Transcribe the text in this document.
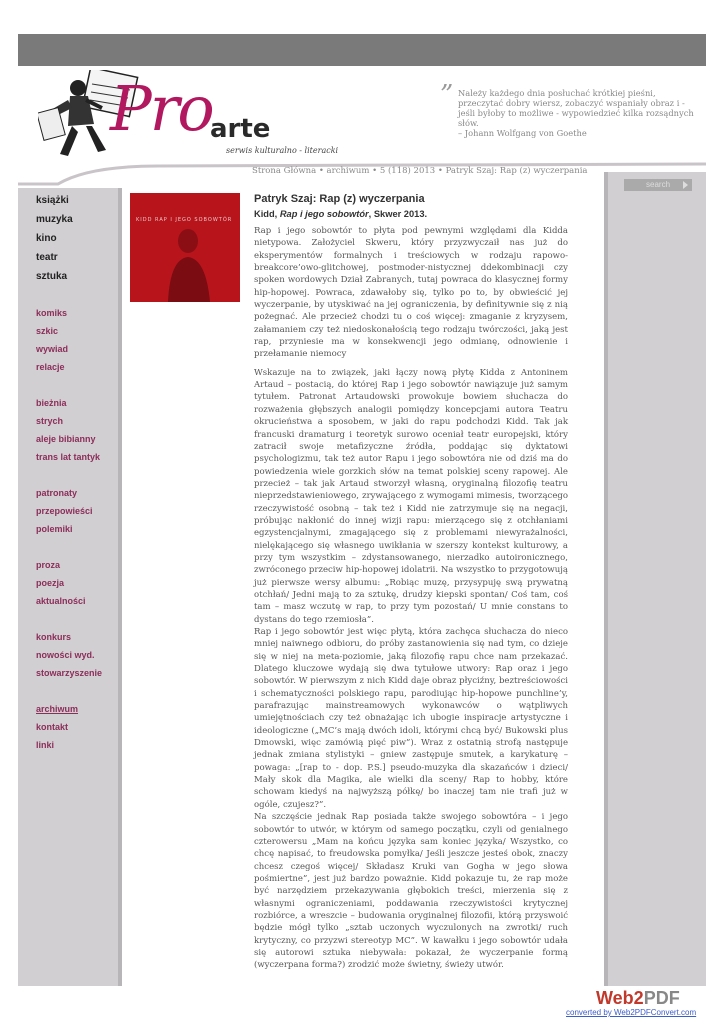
Pro
arte
serwis kulturalno - literacki
” Należy każdego dnia posłuchać krótkiej pieśni, przeczytać dobry wiersz, zobaczyć wspaniały obraz i - jeśli byłoby to możliwe - wypowiedzieć kilka rozsądnych słów.
– Johann Wolfgang von Goethe
Strona Główna • archiwum • 5 (118) 2013 • Patryk Szaj: Rap (z) wyczerpania
search
książki
muzyka
kino
teatr
sztuka
komiks
szkic
wywiad
relacje
bieżnia
strych
aleje bibianny
trans lat tantyk
patronaty
przepowieści
polemiki
proza
poezja
aktualności
konkurs
nowości wyd.
stowarzyszenie
archiwum
kontakt
linki
KIDD RAP I JEGO SOBOWTÓR
Patryk Szaj: Rap (z) wyczerpania
Kidd, Rap i jego sobowtór, Skwer 2013.

Rap i jego sobowtór to płyta pod pewnymi względami dla Kidda nietypowa. Założyciel Skweru, który przyzwyczaił nas już do eksperymentów formalnych i treściowych w rodzaju rapowo-breakcore’owo-glitchowej, postmoder-nistycznej ddekombinacji czy spoken wordowych Dział Zabranych, tutaj powraca do klasycznej formy hip-hopowej. Powraca, zdawałoby się, tylko po to, by obwieścić jej wyczerpanie, by utyskiwać na jej ograniczenia, by definitywnie się z nią pożegnać. Ale przecież chodzi tu o coś więcej: zmaganie z kryzysem, załamaniem czy też niedoskonałością tego rodzaju twórczości, jaką jest rap, przyniesie ma w konsekwencji jego odmianę, odnowienie i przełamanie niemocy

Wskazuje na to związek, jaki łączy nową płytę Kidda z Antoninem Artaud – postacią, do której Rap i jego sobowtór nawiązuje już samym tytułem. Patronat Artaudowski prowokuje bowiem słuchacza do rozważenia głębszych analogii pomiędzy koncepcjami autora Teatru okrucieństwa a sposobem, w jaki do rapu podchodzi Kidd. Tak jak francuski dramaturg i teoretyk surowo oceniał teatr europejski, który zatracił swoje metafizyczne źródła, poddając się dyktatowi psychologizmu, tak też autor Rapu i jego sobowtóra nie od dziś ma do powiedzenia wiele gorzkich słów na temat polskiej sceny rapowej. Ale przecież – tak jak Artaud stworzył własną, oryginalną filozofię teatru nieprzedstawieniowego, zrywającego z wymogami mimesis, tworzącego rzeczywistość osobną – tak też i Kidd nie zatrzymuje się na negacji, próbując nakłonić do innej wizji rapu: mierzącego się z otchłaniami egzystencjalnymi, zmagającego się z problemami niewyrażalności, nielękającego się własnego uwikłania w szerszy kontekst kulturowy, a przy tym wszystkim – zdystansowanego, nierzadko autoironicznego, zwróconego przeciw hip-hopowej idolatrii. Na wszystko to przygotowują już pierwsze wersy albumu: „Robiąc muzę, przysypuję swą prywatną otchłań/ Jedni mają to za sztukę, drudzy kiepski spontan/ Coś tam, coś tam – masz wczutę w rap, to przy tym pozostań/ U mnie constans to dystans do tego rzemiosła”.

Rap i jego sobowtór jest więc płytą, która zachęca słuchacza do nieco mniej naiwnego odbioru, do próby zastanowienia się nad tym, co dzieje się w niej na meta-poziomie, jaką filozofię rapu chce nam przekazać. Dlatego kluczowe wydają się dwa tytułowe utwory: Rap oraz i jego sobowtór. W pierwszym z nich Kidd daje obraz płyciźny, beztreściowości i schematyczności polskiego rapu, parodiując hip-hopowe punchline’y, parafrazując mainstreamowych wykonawców o wątpliwych umiejętnościach czy też obnażając ich ubogie inspiracje artystyczne i ideologiczne („MC’s mają dwóch idoli, którymi chcą być/ Bukowski plus Dmowski, więc zamówią pięć piw”). Wraz z ostatnią strofą następuje jednak zmiana stylistyki – gniew zastępuje smutek, a karykaturę – powaga: „[rap to - dop. P.S.] pseudo-muzyka dla skazańców i dzieci/ Mały skok dla Magika, ale wielki dla sceny/ Rap to hobby, które schowam kiedyś na najwyższą półkę/ bo inaczej tam nie trafi już w ogóle, czujesz?”.

Na szczęście jednak Rap posiada także swojego sobowtóra – i jego sobowtór to utwór, w którym od samego początku, czyli od genialnego czterowersu „Mam na końcu języka sam koniec języka/ Wszystko, co chcę napisać, to freudowska pomyłka/ Jeśli jeszcze jesteś obok, znaczy chcesz czegoś więcej/ Składasz Kruki van Gogha w jego słowa pośmiertne”, jest już bardzo poważnie. Kidd pokazuje tu, że rap może być narzędziem przekazywania głębokich treści, mierzenia się z własnymi ograniczeniami, poddawania rzeczywistości krytycznej rozbiórce, a wreszcie – budowania oryginalnej filozofii, którą przyswoić będzie mógł tylko „sztab uczonych wyczulonych na zwrotki/ ruch krytyczny, co przyzwi stereotyp MC”. W kawałku i jego sobowtór udała się autorowi sztuka niebywała: pokazał, że wyczerpanie formą (wyczerpana forma?) zrodzić może świetny, świeży utwór.

Web2PDF
converted by Web2PDFConvert.com
